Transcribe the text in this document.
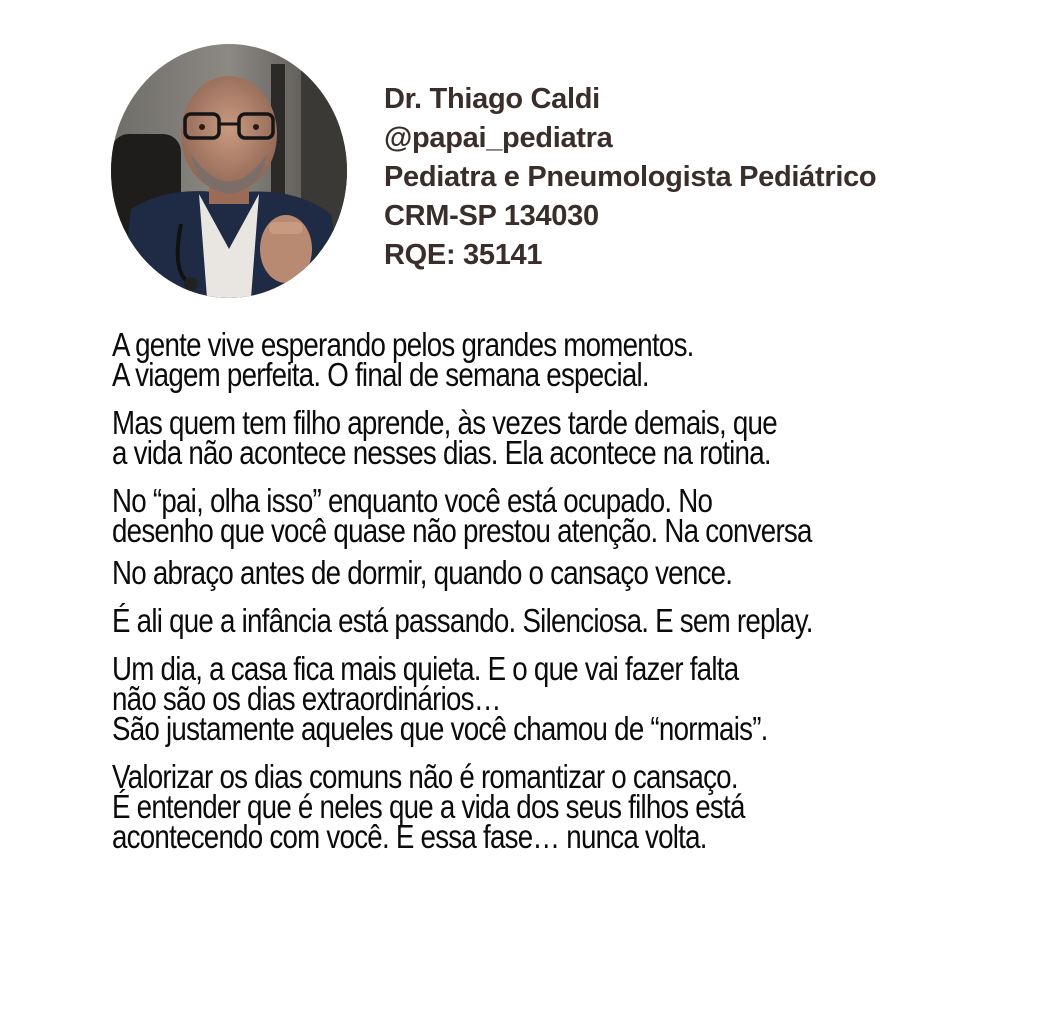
Dr. Thiago Caldi
@papai_pediatra
Pediatra e Pneumologista Pediátrico
CRM-SP 134030
RQE: 35141
A gente vive esperando pelos grandes momentos.
A viagem perfeita. O final de semana especial.
Mas quem tem filho aprende, às vezes tarde demais, que
a vida não acontece nesses dias. Ela acontece na rotina.
No “pai, olha isso” enquanto você está ocupado. No
desenho que você quase não prestou atenção. Na conversa
No abraço antes de dormir, quando o cansaço vence.
É ali que a infância está passando. Silenciosa. E sem replay.
Um dia, a casa fica mais quieta. E o que vai fazer falta
não são os dias extraordinários…
São justamente aqueles que você chamou de “normais”.
Valorizar os dias comuns não é romantizar o cansaço.
É entender que é neles que a vida dos seus filhos está
acontecendo com você. E essa fase… nunca volta.
